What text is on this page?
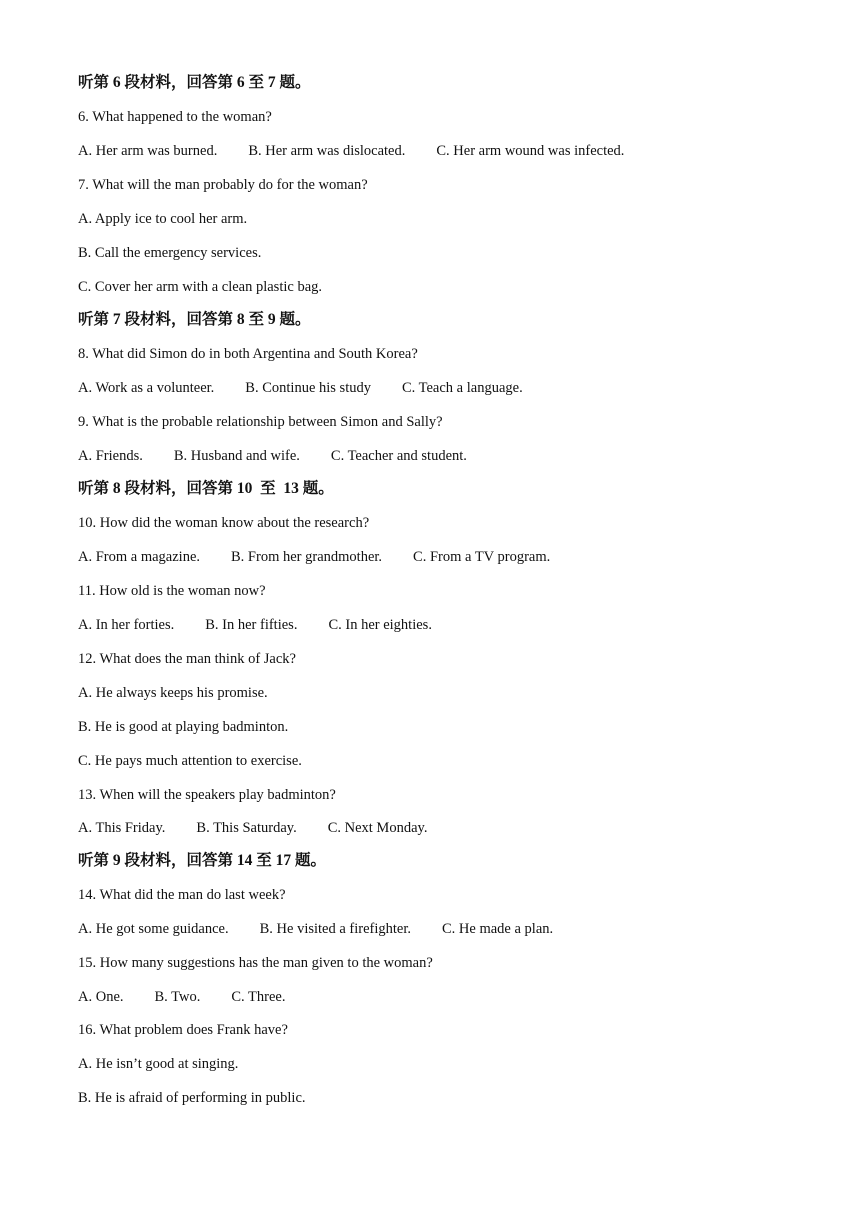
听第 6 段材料，回答第 6 至 7 题。
6. What happened to the woman?
A. Her arm was burned. B. Her arm was dislocated. C. Her arm wound was infected.
7. What will the man probably do for the woman?
A. Apply ice to cool her arm.
B. Call the emergency services.
C. Cover her arm with a clean plastic bag.
听第 7 段材料，回答第 8 至 9 题。
8. What did Simon do in both Argentina and South Korea?
A. Work as a volunteer. B. Continue his study C. Teach a language.
9. What is the probable relationship between Simon and Sally?
A. Friends. B. Husband and wife. C. Teacher and student.
听第 8 段材料，回答第 10  至  13 题。
10. How did the woman know about the research?
A. From a magazine. B. From her grandmother. C. From a TV program.
11. How old is the woman now?
A. In her forties. B. In her fifties. C. In her eighties.
12. What does the man think of Jack?
A. He always keeps his promise.
B. He is good at playing badminton.
C. He pays much attention to exercise.
13. When will the speakers play badminton?
A. This Friday. B. This Saturday. C. Next Monday.
听第 9 段材料，回答第 14 至 17 题。
14. What did the man do last week?
A. He got some guidance. B. He visited a firefighter. C. He made a plan.
15. How many suggestions has the man given to the woman?
A. One. B. Two. C. Three.
16. What problem does Frank have?
A. He isn’t good at singing.
B. He is afraid of performing in public.
